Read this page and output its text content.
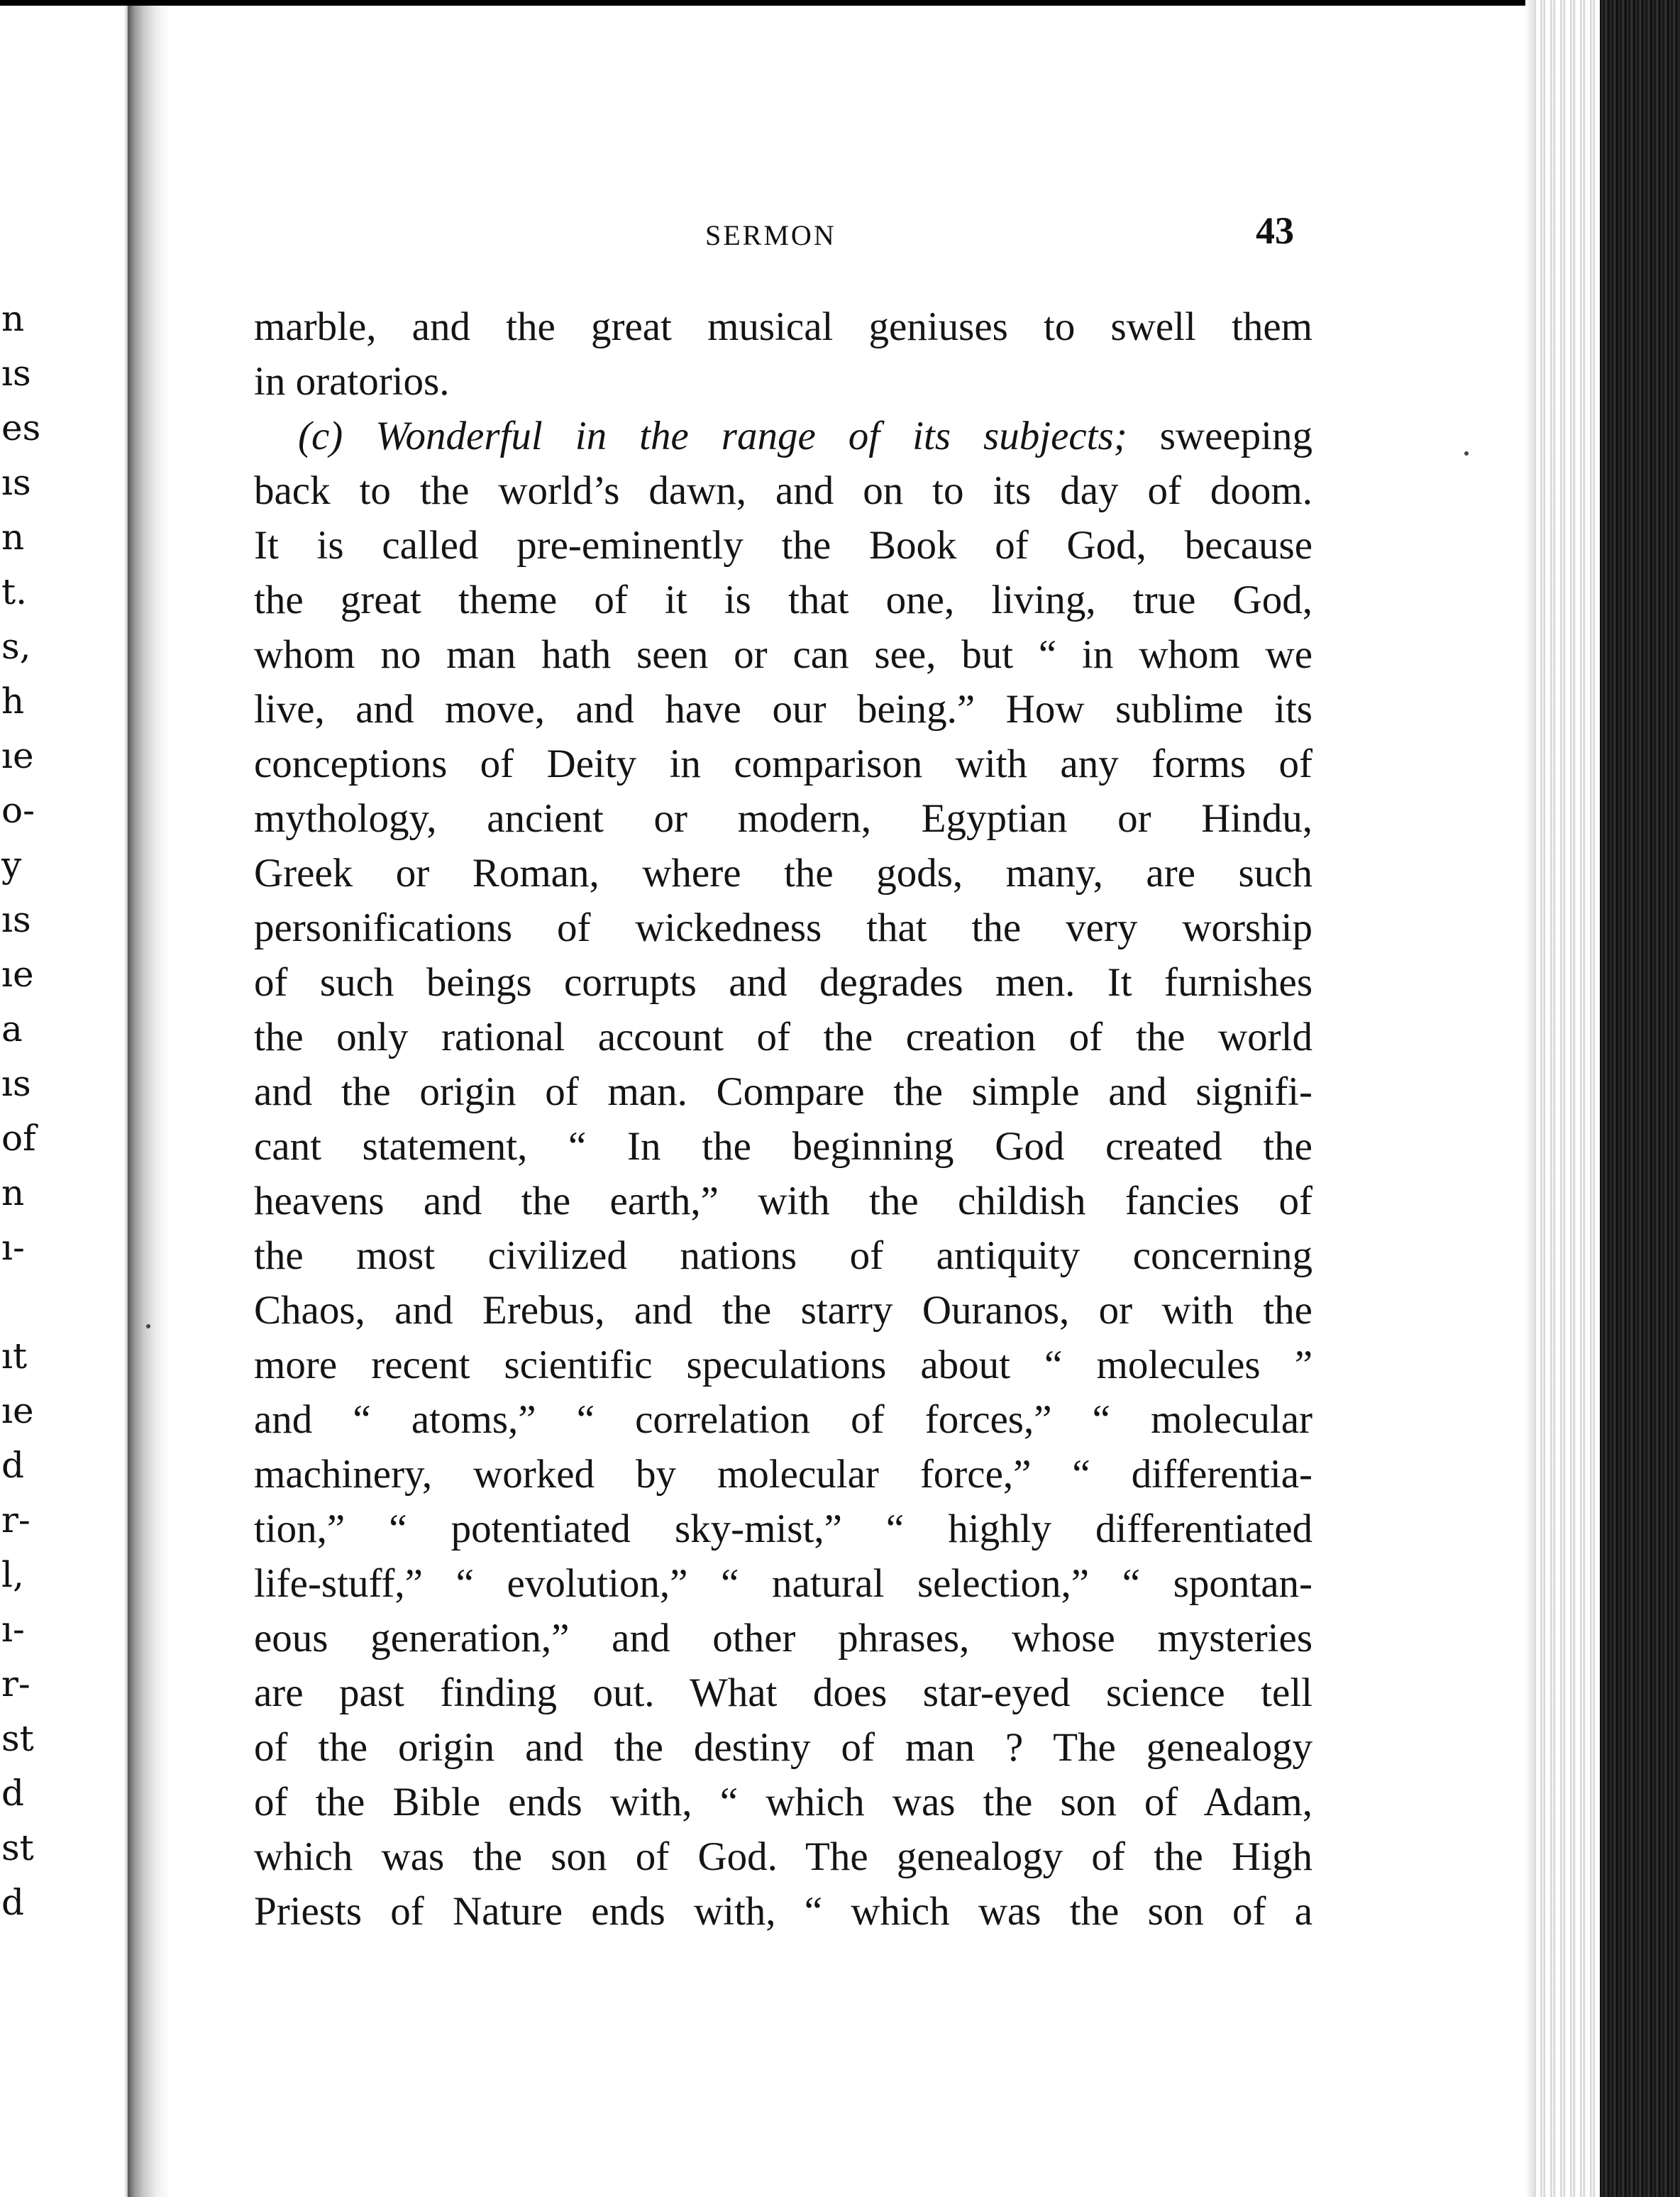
n
ıs
es
ıs
n
t.
s,
h
ıe
o-
y
ıs
ıe
a
ıs
of
n
ı-
ıt
ıe
d
r-
l,
ı-
r-
st
d
st
d
SERMON	43
marble, and the great musical geniuses to swell them
in oratorios.
(c) Wonderful in the range of its subjects; sweeping
back to the world’s dawn, and on to its day of doom.
It is called pre-eminently the Book of God, because
the great theme of it is that one, living, true God,
whom no man hath seen or can see, but “ in whom we
live, and move, and have our being.” How sublime its
conceptions of Deity in comparison with any forms of
mythology, ancient or modern, Egyptian or Hindu,
Greek or Roman, where the gods, many, are such
personifications of wickedness that the very worship
of such beings corrupts and degrades men. It furnishes
the only rational account of the creation of the world
and the origin of man. Compare the simple and signifi-
cant statement, “ In the beginning God created the
heavens and the earth,” with the childish fancies of
the most civilized nations of antiquity concerning
Chaos, and Erebus, and the starry Ouranos, or with the
more recent scientific speculations about “ molecules ”
and “ atoms,” “ correlation of forces,” “ molecular
machinery, worked by molecular force,” “ differentia-
tion,” “ potentiated sky-mist,” “ highly differentiated
life-stuff,” “ evolution,” “ natural selection,” “ spontan-
eous generation,” and other phrases, whose mysteries
are past finding out. What does star-eyed science tell
of the origin and the destiny of man ? The genealogy
of the Bible ends with, “ which was the son of Adam,
which was the son of God. The genealogy of the High
Priests of Nature ends with, “ which was the son of a
